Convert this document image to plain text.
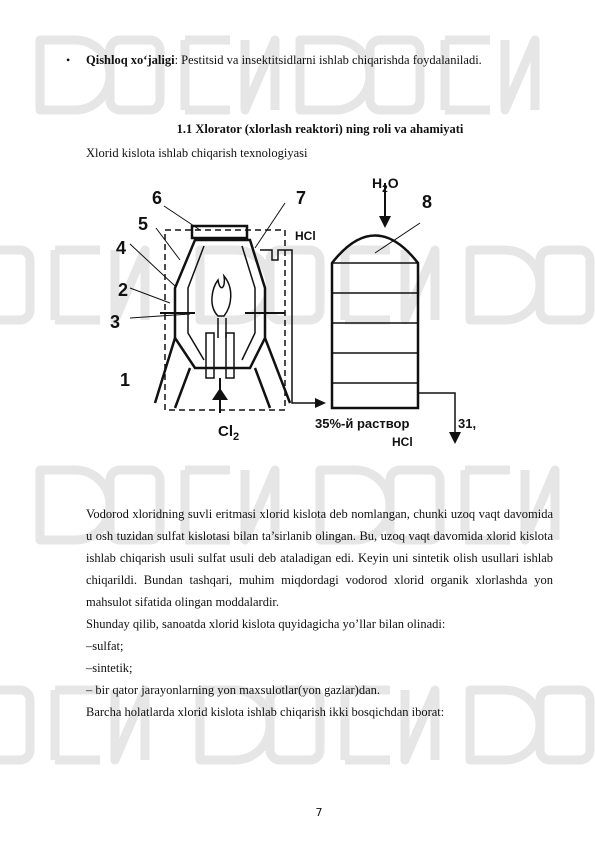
• Qishloq xo‘jaligi: Pestitsid va insektitsidlarni ishlab chiqarishda foydalaniladi.
1.1 Xlorator (xlorlash reaktori) ning roli va ahamiyati
Xlorid kislota ishlab chiqarish texnologiyasi
6
5
4
2
3
1
7
HCl
$H_2O$
8
$Cl_2$
35%-й раствор
HCl
31,

Vodorod xloridning suvli eritmasi xlorid kislota deb nomlangan, chunki uzoq vaqt davomida u osh tuzidan sulfat kislotasi bilan ta’sirlanib olingan. Bu, uzoq vaqt davomida xlorid kislota ishlab chiqarish usuli sulfat usuli deb ataladigan edi. Keyin uni sintetik olish usullari ishlab chiqarildi. Bundan tashqari, muhim miqdordagi vodorod xlorid organik xlorlashda yon mahsulot sifatida olingan moddalardir.

Shunday qilib, sanoatda xlorid kislota quyidagicha yo’llar bilan olinadi:

–sulfat;

–sintetik;

– bir qator jarayonlarning yon maxsulotlar(yon gazlar)dan.

Barcha holatlarda xlorid kislota ishlab chiqarish ikki bosqichdan iborat:

7
